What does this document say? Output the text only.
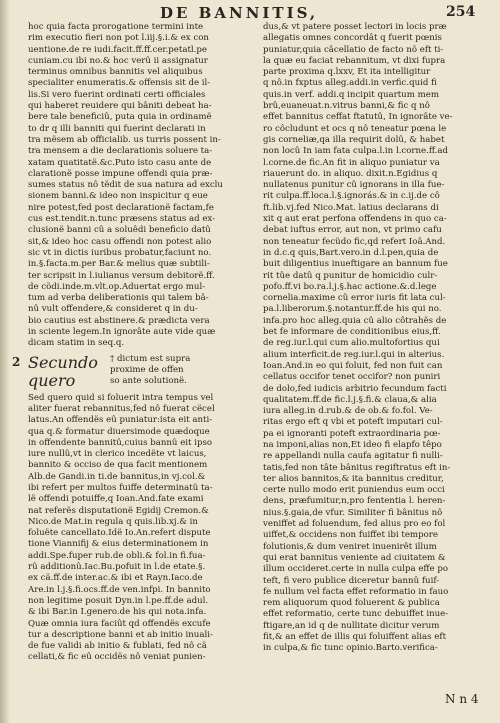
DE BANNITIS,	254
2
hoc quia facta prorogatione termini inte
rim executio fieri non pot l.iij.§.i.& ex con
uentione.de re iudi.facit.ff.ff.cer.petatl.pe
cuniam.cu ibi no.& hoc verû ii assignatur
terminus omnibus bannitis vel aliquibus
specialiter enumeratis.& offensis sit de il-
lis.Si vero fuerint ordinati certi officiales
qui haberet reuidere qui bâniti debeat ha-
bere tale beneficiû, puta quia in ordinamë
to dr q illi banniti qui fuerint declarati in
tra mësem ab officialib. us turris possent in-
tra mensem a die declarationis soluere ta-
xatam quatitatë.&c.Puto isto casu ante de
clarationë posse impune offendi quia præ-
sumes status nô tëdit de sua natura ad exclu
sionem banni.& ideo non inspicitur q eue
nire potest,fed post declarationë factam,fe
cus est.tendit.n.tunc præsens status ad ex-
clusionë banni cû a soluêdi beneficio datû
sit,& ideo hoc casu offendi non potest alio
sic vt in dictis iuribus probatur,faciunt no.
in.§.facta.m.per Bar.& melius quæ subtili-
ter scripsit in l.iulianus versum debitorë.ff.
de cödi.inde.m.vlt.op.Aduertat ergo mul-
tum ad verba deliberationis qui talem bâ-
nû vult offendere,& consideret q in du-
bio cautius est abstinere.& prædicta vera
in sciente legem.In ignorâte aute vide quæ
dicam statim in seq.q.
Secundo quero
† dictum est supra
proxime de offen
so ante solutionë.
Sed quero quid si foluerit intra tempus vel
aliter fuerat rebannitus,fed nô fuerat cëcel
latus.An offendës eû puniatur:ista eit anti-
qua q.& formatur diuersimode quædoque
in offendente bannitû,cuius bannû eit ipso
iure nullû,vt in clerico incedëte vt laicus,
bannito & occiso de qua facit mentionem
Alb.de Gandi.in ti.de bannitus,in vj.col.&
ibi refert per multos fuiffe determinatü ta-
lë offendi potuiffe,q Ioan.And.fate exami
nat referës disputationë Egidij Cremon.&
Nico.de Mat.in regula q quis.lib.xj.& in
foluëte cancellato.Idë Io.An.refert dispute
tione Viannifij & eius determinationem in
addi.Spe.fuper rub.de obli.& fol.in fi.fua-
rû additionû.Iac.Bu.pofuit in l.de etate.§.
ex cä.ff.de inter.ac.& ibi et Rayn.Iaco.de
Are.in l.j.§.fi.ocs.ff.de ven.infpi. In bannito
non legitime posuit Dyn.in l.pe.ff.de adul.
& ibi Bar.in I.genero.de his qui nota.infa.
Quæ omnia iura faciût qd offendës excufe
tur a descriptione banni et ab initio inuali-
de fue validi ab initio & fublati, fed nô cä
cellati,& fic eû occidës nô veniat punien-
dus,& vt patere posset lectori in locis præ
allegatis omnes concordât q fuerit pœnis
puniatur,quia câcellatio de facto nô eft ti-
la quæ eu faciat rebannitum, vt dixi fupra
parte proxima q.lxxv, Et ita intelligitur
q nô.in fxptus alleg.addi.in verfic.quid fi
quis.in verf. addi.q incipit quartum mem
brû,euaneuat.n.vitrus banni,& fic q nô
effet bannitus ceffat ftatutû, In ignorâte ve-
ro côcludunt et ocs q nô teneatur pœna le
gis corneliæ,qa illa requirit dolû, & habet
non locû In iam fata culpa.l.in l.corne.ff.ad
l.corne.de fic.An fit in aliquo puniatur va
riauerunt do. in aliquo. dixit.n.Egidius q
nullatenus punitur cû ignorans in illa fue-
rit culpa.ff.loca.l.§.ignorás.& in c.ij.de cô
ft.lib.vj.fed Nico.Mat. latius declarans di
xit q aut erat perfona offendens in quo ca-
debat iuftus error, aut non, vt primo cafu
non teneatur fecüdo fic,qd refert Ioâ.And.
in d.c.q quis,Bart.vero.in d.l.pen,quia de
buit diligentius inueftigare an bannum fue
rit tûe datû q punitur de homicidio culr-
pofo.ff.vi bo.ra.l.j.§.hac actione.&.d.lege
cornelia.maxime cû error iuris fit lata cul-
pa.l.liberorum.§.notantur.ff.de his qui no.
infa.pro hoc alleg.quia cû alio côtrahës de
bet fe informare de conditionibus eius,ff.
de reg.iur.l.qui cum alio.multofortius qui
alium interficit.de reg.iur.l.qui in alterius.
Ioan.And.in eo qui foluit, fed non fuit can
cellatus occifor tenet occifor? non puniri
de dolo,fed iudicis arbitrio fecundum facti
qualitatem.ff.de fic.l.j.§.fi.& claua,& alia
iura alleg.in d.rub.& de ob.& fo.fol. Ve-
ritas ergo eft q vbi et poteft imputari cul-
pa ei ignoranti poteft extraordinaria pœ-
na imponi,alias non,Et ideo fi elapfo têpo
re appellandi nulla caufa agitatur fi nulli-
tatis,fed non tâte bânitus regiftratus eft in-
ter alios bannitos,& ita bannitus creditur,
certe nullo modo erit puniendus eum occi
dens, præfumitur,n,pro fententia l. heren-
nius.§.gaia,de vfur. Similiter fi bânitus nô
veniffet ad foluendum, fed alius pro eo fol
uiffet,& occidens non fuiffet ibi tempore
folutionis,& dum veniret inuenirêt illum
qui erat bannitus veniente ad ciuitatem &
illum occideret.certe in nulla culpa effe po
teft, fi vero publice diceretur bannû fuif-
fe nullum vel facta effet reformatio in fauo
rem aliquorum quod foluerent & publica
effet reformatio, certe tunc debuiffet inue-
ftigare,an id q de nullitate dicitur verum
fit,& an effet de illis qui foluiffent alias eft
in culpa,& fic tunc opinio.Barto.verifica-
N n 4
